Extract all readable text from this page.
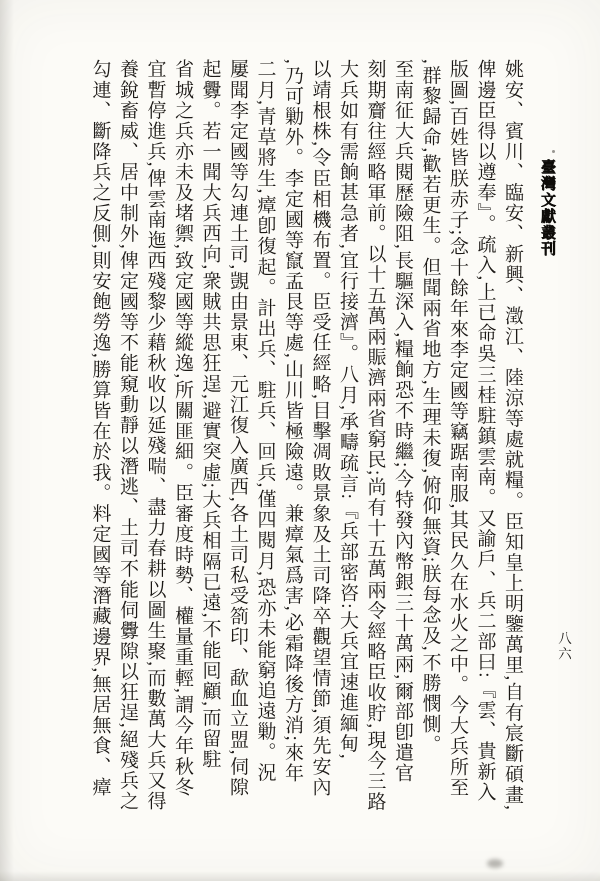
臺灣文獻叢刊
八六
姚安、賓川、臨安、新興、澂江、陸涼等處就糧。臣知皇上明鑒萬里,自有宸斷碩畫,
俾邊臣得以遵奉』。疏入,上已命吳三桂駐鎮雲南。又諭戶、兵二部曰:『雲、貴新入
版圖,百姓皆朕赤子;念十餘年來李定國等竊踞南服,其民久在水火之中。今大兵所至
,群黎歸命,歡若更生。但聞兩省地方,生理未復,俯仰無資;朕每念及,不勝憫惻。
至南征大兵閱歷險阻,長驅深入,糧餉恐不時繼;今特發內幣銀三十萬兩,爾部卽遣官
刻期齎往經略軍前。以十五萬兩賑濟兩省窮民;尚有十五萬兩令經略臣收貯,現今三路
大兵如有需餉甚急者,宜行接濟』。八月,承疇疏言:『兵部密咨:大兵宜速進緬甸,
以靖根株,令臣相機布置。臣受任經略,目擊凋敗景象及土司降卒觀望情節,須先安內
,乃可勦外。李定國等竄孟艮等處,山川皆極險遠。兼瘴氣爲害,必霜降後方消;來年
二月,青草將生,瘴卽復起。計出兵、駐兵、回兵,僅四閱月,恐亦未能窮追遠勦。況
屢聞李定國等勾連土司,覬由景東、元江復入廣西,各土司私受箚印、歃血立盟,伺隙
起釁。若一聞大兵西向,衆賊共思狂逞,避實突虛;大兵相隔已遠,不能囘顧,而留駐
省城之兵亦未及堵禦,致定國等縱逸,所關匪細。臣審度時勢、權量重輕,謂今年秋冬
宜暫停進兵,俾雲南迤西殘黎少藉秋收以延殘喘、盡力春耕以圖生聚,而數萬大兵又得
養銳畜威、居中制外,俾定國等不能窺動靜以潛逃、土司不能伺釁隙以狂逞,絕殘兵之
勾連、斷降兵之反側,則安飽勞逸,勝算皆在於我。料定國等潛藏邊界,無居無食、瘴
